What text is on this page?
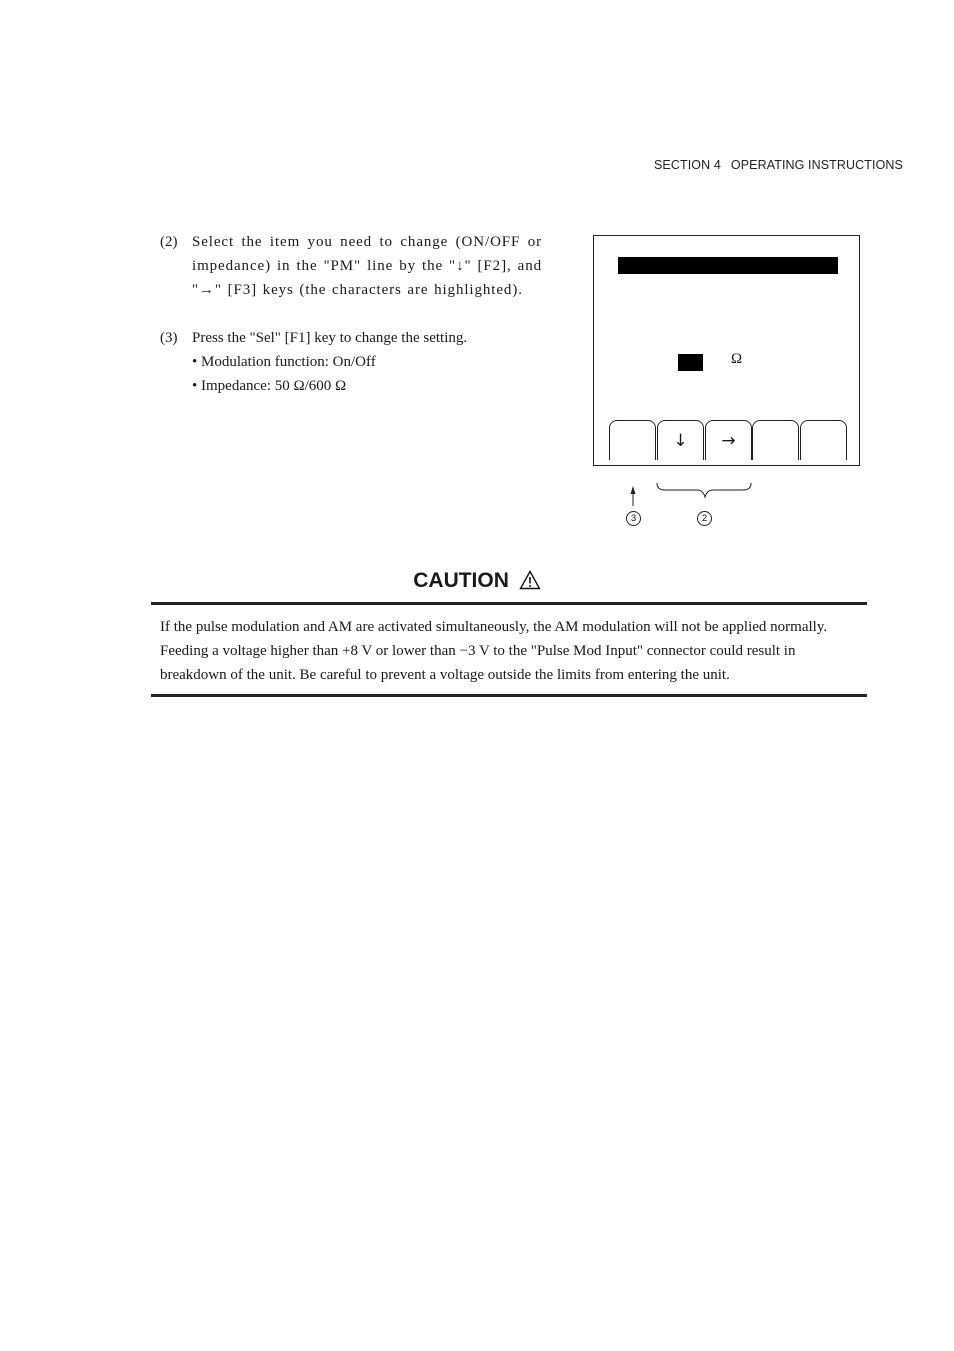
SECTION 4 OPERATING INSTRUCTIONS
(2) Select the item you need to change (ON/OFF or impedance) in the "PM" line by the "↓" [F2], and "→" [F3] keys (the characters are highlighted).

(3) Press the "Sel" [F1] key to change the setting.

• Modulation function: On/Off
• Impedance: 50 Ω/600 Ω
Ω
↓	→
3	2
CAUTION

If the pulse modulation and AM are activated simultaneously, the AM modulation will not be applied normally. Feeding a voltage higher than +8 V or lower than −3 V to the "Pulse Mod Input" connector could result in breakdown of the unit. Be careful to prevent a voltage outside the limits from entering the unit.
